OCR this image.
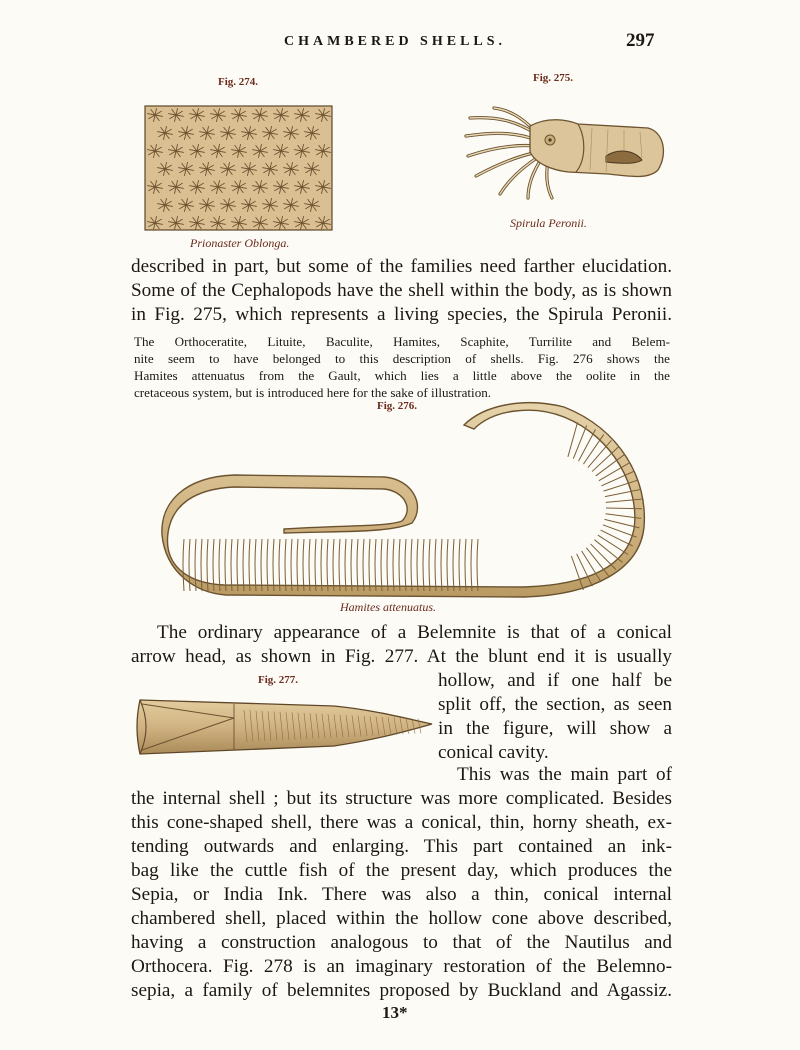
CHAMBERED SHELLS.	297
Fig. 274.
Prionaster Oblonga.
Fig. 275.
Spirula Peronii.
described in part, but some of the families need farther elucidation.
Some of the Cephalopods have the shell within the body, as is shown
in Fig. 275, which represents a living species, the Spirula Peronii.
The Orthoceratite, Lituite, Baculite, Hamites, Scaphite, Turrilite and Belem-
nite seem to have belonged to this description of shells. Fig. 276 shows the
Hamites attenuatus from the Gault, which lies a little above the oolite in the
cretaceous system, but is introduced here for the sake of illustration.
Fig. 276.
Hamites attenuatus.
The ordinary appearance of a Belemnite is that of a conical
arrow head, as shown in Fig. 277. At the blunt end it is usually
hollow, and if one half be
split off, the section, as seen
in the figure, will show a
conical cavity.
Fig. 277.
This was the main part of
the internal shell ; but its structure was more complicated. Besides
this cone-shaped shell, there was a conical, thin, horny sheath, ex-
tending outwards and enlarging. This part contained an ink-
bag like the cuttle fish of the present day, which produces the
Sepia, or India Ink. There was also a thin, conical internal
chambered shell, placed within the hollow cone above described,
having a construction analogous to that of the Nautilus and
Orthocera. Fig. 278 is an imaginary restoration of the Belemno-
sepia, a family of belemnites proposed by Buckland and Agassiz.
13*
